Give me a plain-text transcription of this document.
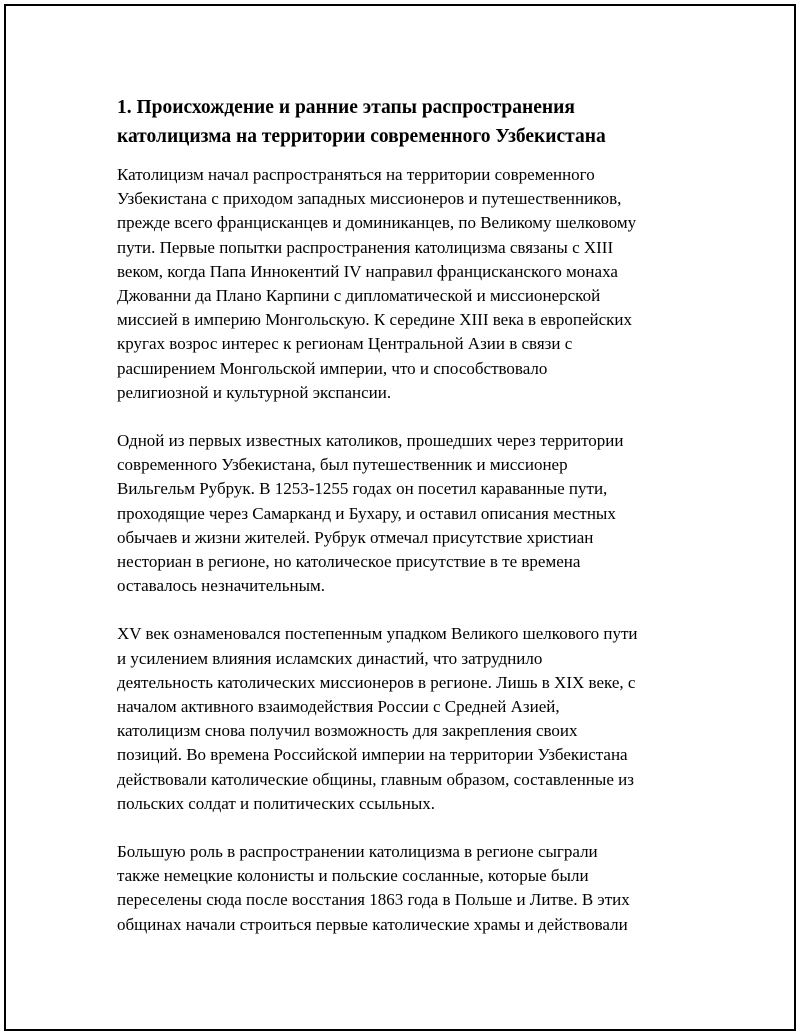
1. Происхождение и ранние этапы распространения
католицизма на территории современного Узбекистана

Католицизм начал распространяться на территории современного
Узбекистана с приходом западных миссионеров и путешественников,
прежде всего францисканцев и доминиканцев, по Великому шелковому
пути. Первые попытки распространения католицизма связаны с XIII
веком, когда Папа Иннокентий IV направил францисканского монаха
Джованни да Плано Карпини с дипломатической и миссионерской
миссией в империю Монгольскую. К середине XIII века в европейских
кругах возрос интерес к регионам Центральной Азии в связи с
расширением Монгольской империи, что и способствовало
религиозной и культурной экспансии.

Одной из первых известных католиков, прошедших через территории
современного Узбекистана, был путешественник и миссионер
Вильгельм Рубрук. В 1253-1255 годах он посетил караванные пути,
проходящие через Самарканд и Бухару, и оставил описания местных
обычаев и жизни жителей. Рубрук отмечал присутствие христиан
несториан в регионе, но католическое присутствие в те времена
оставалось незначительным.

XV век ознаменовался постепенным упадком Великого шелкового пути
и усилением влияния исламских династий, что затруднило
деятельность католических миссионеров в регионе. Лишь в XIX веке, с
началом активного взаимодействия России с Средней Азией,
католицизм снова получил возможность для закрепления своих
позиций. Во времена Российской империи на территории Узбекистана
действовали католические общины, главным образом, составленные из
польских солдат и политических ссыльных.

Большую роль в распространении католицизма в регионе сыграли
также немецкие колонисты и польские сосланные, которые были
переселены сюда после восстания 1863 года в Польше и Литве. В этих
общинах начали строиться первые католические храмы и действовали
